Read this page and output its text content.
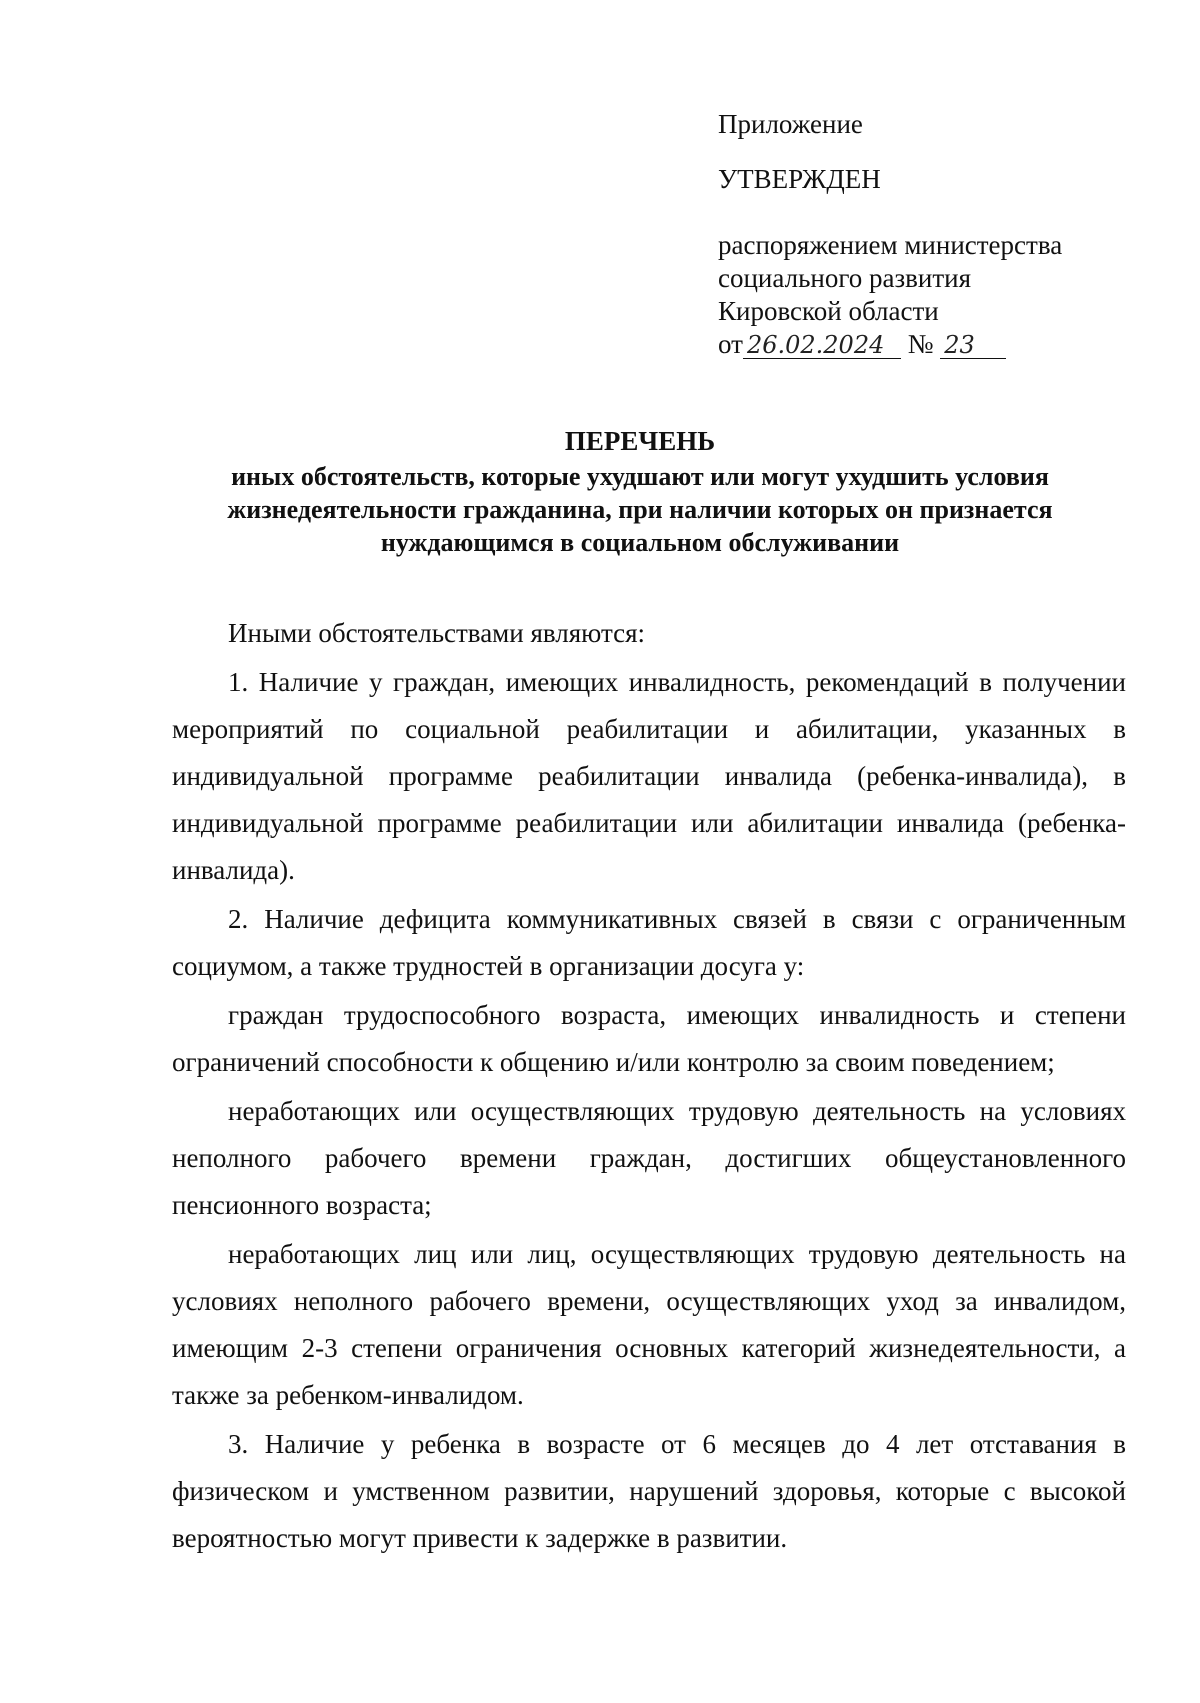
Приложение
УТВЕРЖДЕН
распоряжением министерства
социального развития
Кировской области
от 26.02.2024 № 23
ПЕРЕЧЕНЬ
иных обстоятельств, которые ухудшают или могут ухудшить условия
жизнедеятельности гражданина, при наличии которых он признается
нуждающимся в социальном обслуживании

Иными обстоятельствами являются:

1. Наличие у граждан, имеющих инвалидность, рекомендаций в получении мероприятий по социальной реабилитации и абилитации, указанных в индивидуальной программе реабилитации инвалида (ребенка-инвалида), в индивидуальной программе реабилитации или абилитации инвалида (ребенка-инвалида).

2. Наличие дефицита коммуникативных связей в связи с ограниченным социумом, а также трудностей в организации досуга у:

граждан трудоспособного возраста, имеющих инвалидность и степени ограничений способности к общению и/или контролю за своим поведением;

неработающих или осуществляющих трудовую деятельность на условиях неполного рабочего времени граждан, достигших общеустановленного пенсионного возраста;

неработающих лиц или лиц, осуществляющих трудовую деятельность на условиях неполного рабочего времени, осуществляющих уход за инвалидом, имеющим 2-3 степени ограничения основных категорий жизнедеятельности, а также за ребенком-инвалидом.

3. Наличие у ребенка в возрасте от 6 месяцев до 4 лет отставания в физическом и умственном развитии, нарушений здоровья, которые с высокой вероятностью могут привести к задержке в развитии.
